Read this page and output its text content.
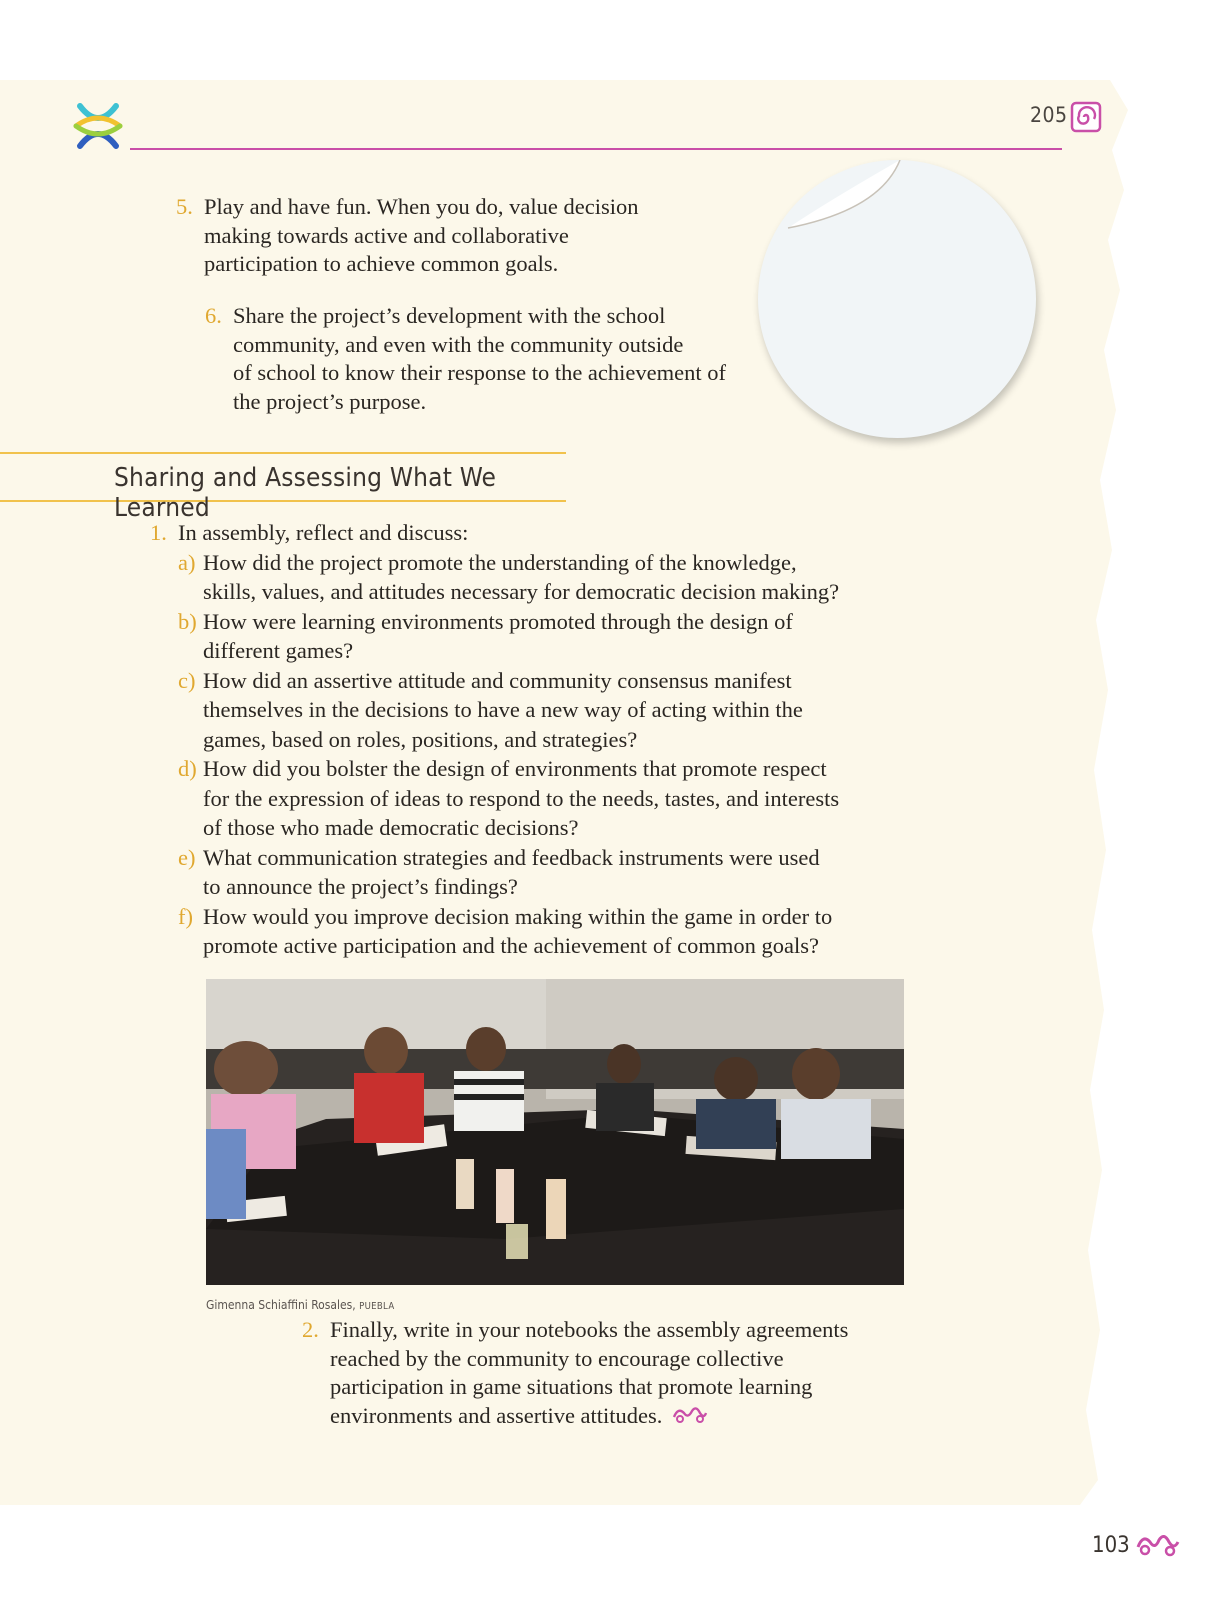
205
5. Play and have fun. When you do, value decision
making towards active and collaborative
participation to achieve common goals.
6. Share the project’s development with the school
community, and even with the community outside
of school to know their response to the achievement of
the project’s purpose.
Sharing and Assessing What We Learned
1. In assembly, reflect and discuss:
a) How did the project promote the understanding of the knowledge,
skills, values, and attitudes necessary for democratic decision making?
b) How were learning environments promoted through the design of
different games?
c) How did an assertive attitude and community consensus manifest
themselves in the decisions to have a new way of acting within the
games, based on roles, positions, and strategies?
d) How did you bolster the design of environments that promote respect
for the expression of ideas to respond to the needs, tastes, and interests
of those who made democratic decisions?
e) What communication strategies and feedback instruments were used
to announce the project’s findings?
f) How would you improve decision making within the game in order to
promote active participation and the achievement of common goals?
Gimenna Schiaffini Rosales, PUEBLA
2. Finally, write in your notebooks the assembly agreements
reached by the community to encourage collective
participation in game situations that promote learning
environments and assertive attitudes.
103
